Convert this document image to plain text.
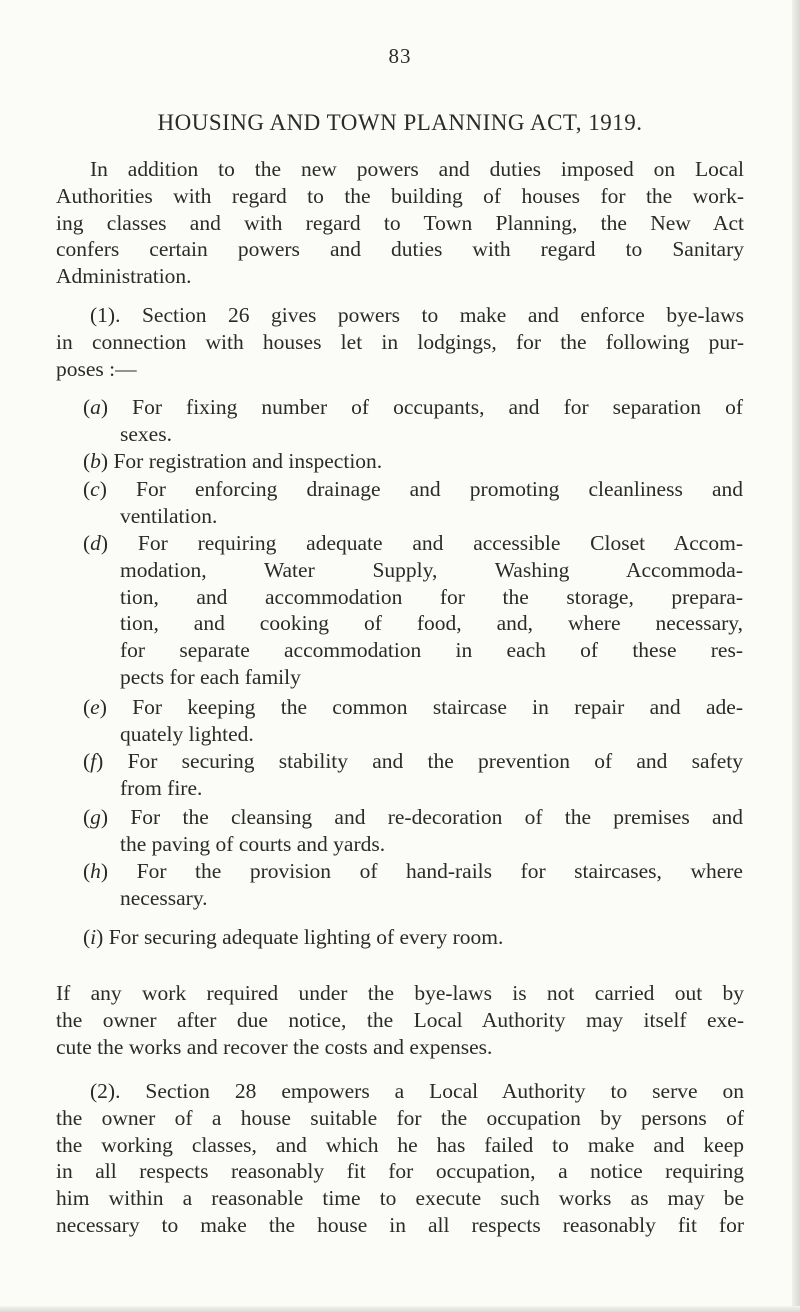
83
HOUSING AND TOWN PLANNING ACT, 1919.
In addition to the new powers and duties imposed on Local
Authorities with regard to the building of houses for the work-
ing classes and with regard to Town Planning, the New Act
confers certain powers and duties with regard to Sanitary
Administration.
(1). Section 26 gives powers to make and enforce bye-laws
in connection with houses let in lodgings, for the following pur-
poses :—
(a) For fixing number of occupants, and for separation of
sexes.
(b) For registration and inspection.
(c) For enforcing drainage and promoting cleanliness and
ventilation.
(d) For requiring adequate and accessible Closet Accom-
modation, Water Supply, Washing Accommoda-
tion, and accommodation for the storage, prepara-
tion, and cooking of food, and, where necessary,
for separate accommodation in each of these res-
pects for each family
(e) For keeping the common staircase in repair and ade-
quately lighted.
(f) For securing stability and the prevention of and safety
from fire.
(g) For the cleansing and re-decoration of the premises and
the paving of courts and yards.
(h) For the provision of hand-rails for staircases, where
necessary.
(i) For securing adequate lighting of every room.
If any work required under the bye-laws is not carried out by
the owner after due notice, the Local Authority may itself exe-
cute the works and recover the costs and expenses.
(2). Section 28 empowers a Local Authority to serve on
the owner of a house suitable for the occupation by persons of
the working classes, and which he has failed to make and keep
in all respects reasonably fit for occupation, a notice requiring
him within a reasonable time to execute such works as may be
necessary to make the house in all respects reasonably fit for
